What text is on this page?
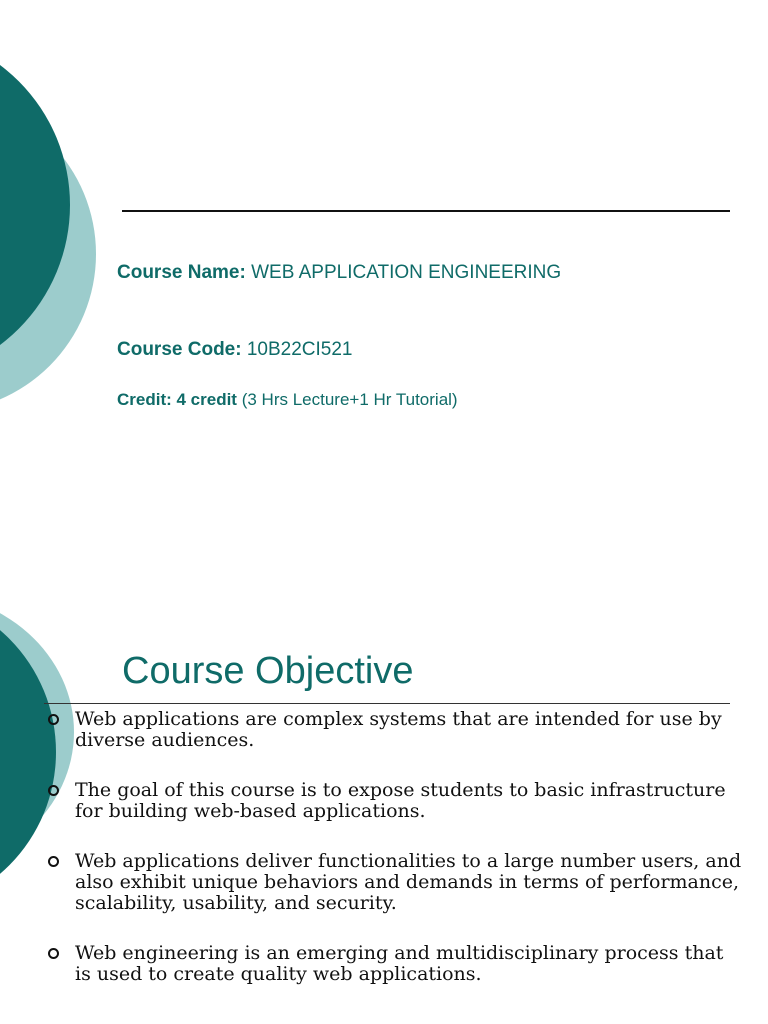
Course Name: WEB APPLICATION ENGINEERING
Course Code: 10B22CI521
Credit: 4 credit (3 Hrs Lecture+1 Hr Tutorial)
Course Objective
Web applications are complex systems that are intended for use by diverse audiences.
The goal of this course is to expose students to basic infrastructure for building web-based applications.
Web applications deliver functionalities to a large number users, and also exhibit unique behaviors and demands in terms of performance, scalability, usability, and security.
Web engineering is an emerging and multidisciplinary process that is used to create quality web applications.
